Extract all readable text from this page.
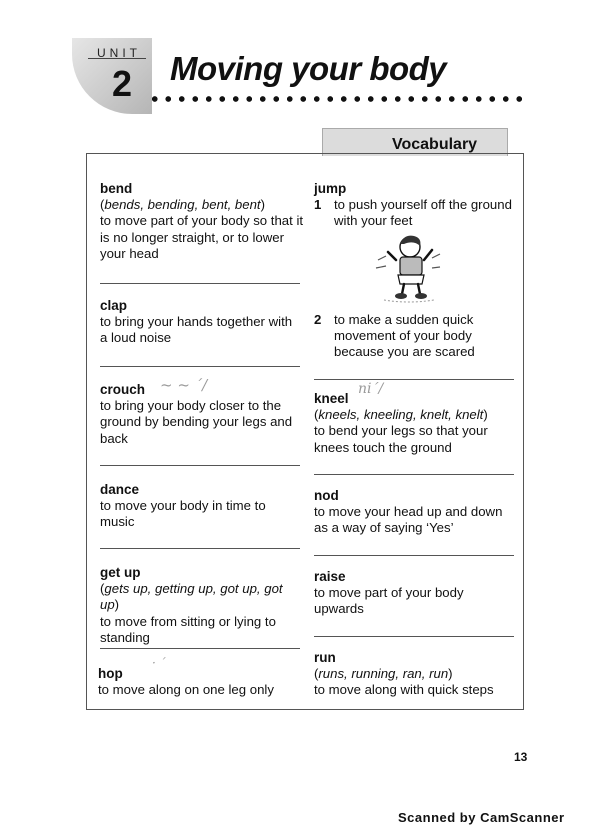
UNIT
2 Moving your body
Vocabulary
bend
(bends, bending, bent, bent)
to move part of your body so that it is no longer straight, or to lower your head
clap
to bring your hands together with a loud noise
crouch
to bring your body closer to the ground by bending your legs and back
~ ~ ˊ/
dance
to move your body in time to music
get up
(gets up, getting up, got up, got up)
to move from sitting or lying to standing
hop
to move along on one leg only
· ˊ
jump
1 to push yourself off the ground with your feet
2 to make a sudden quick movement of your body because you are scared
kneel
(kneels, kneeling, knelt, knelt)
to bend your legs so that your knees touch the ground
niˊ/
nod
to move your head up and down as a way of saying ‘Yes’
raise
to move part of your body upwards
run
(runs, running, ran, run)
to move along with quick steps
13
Scanned by CamScanner
